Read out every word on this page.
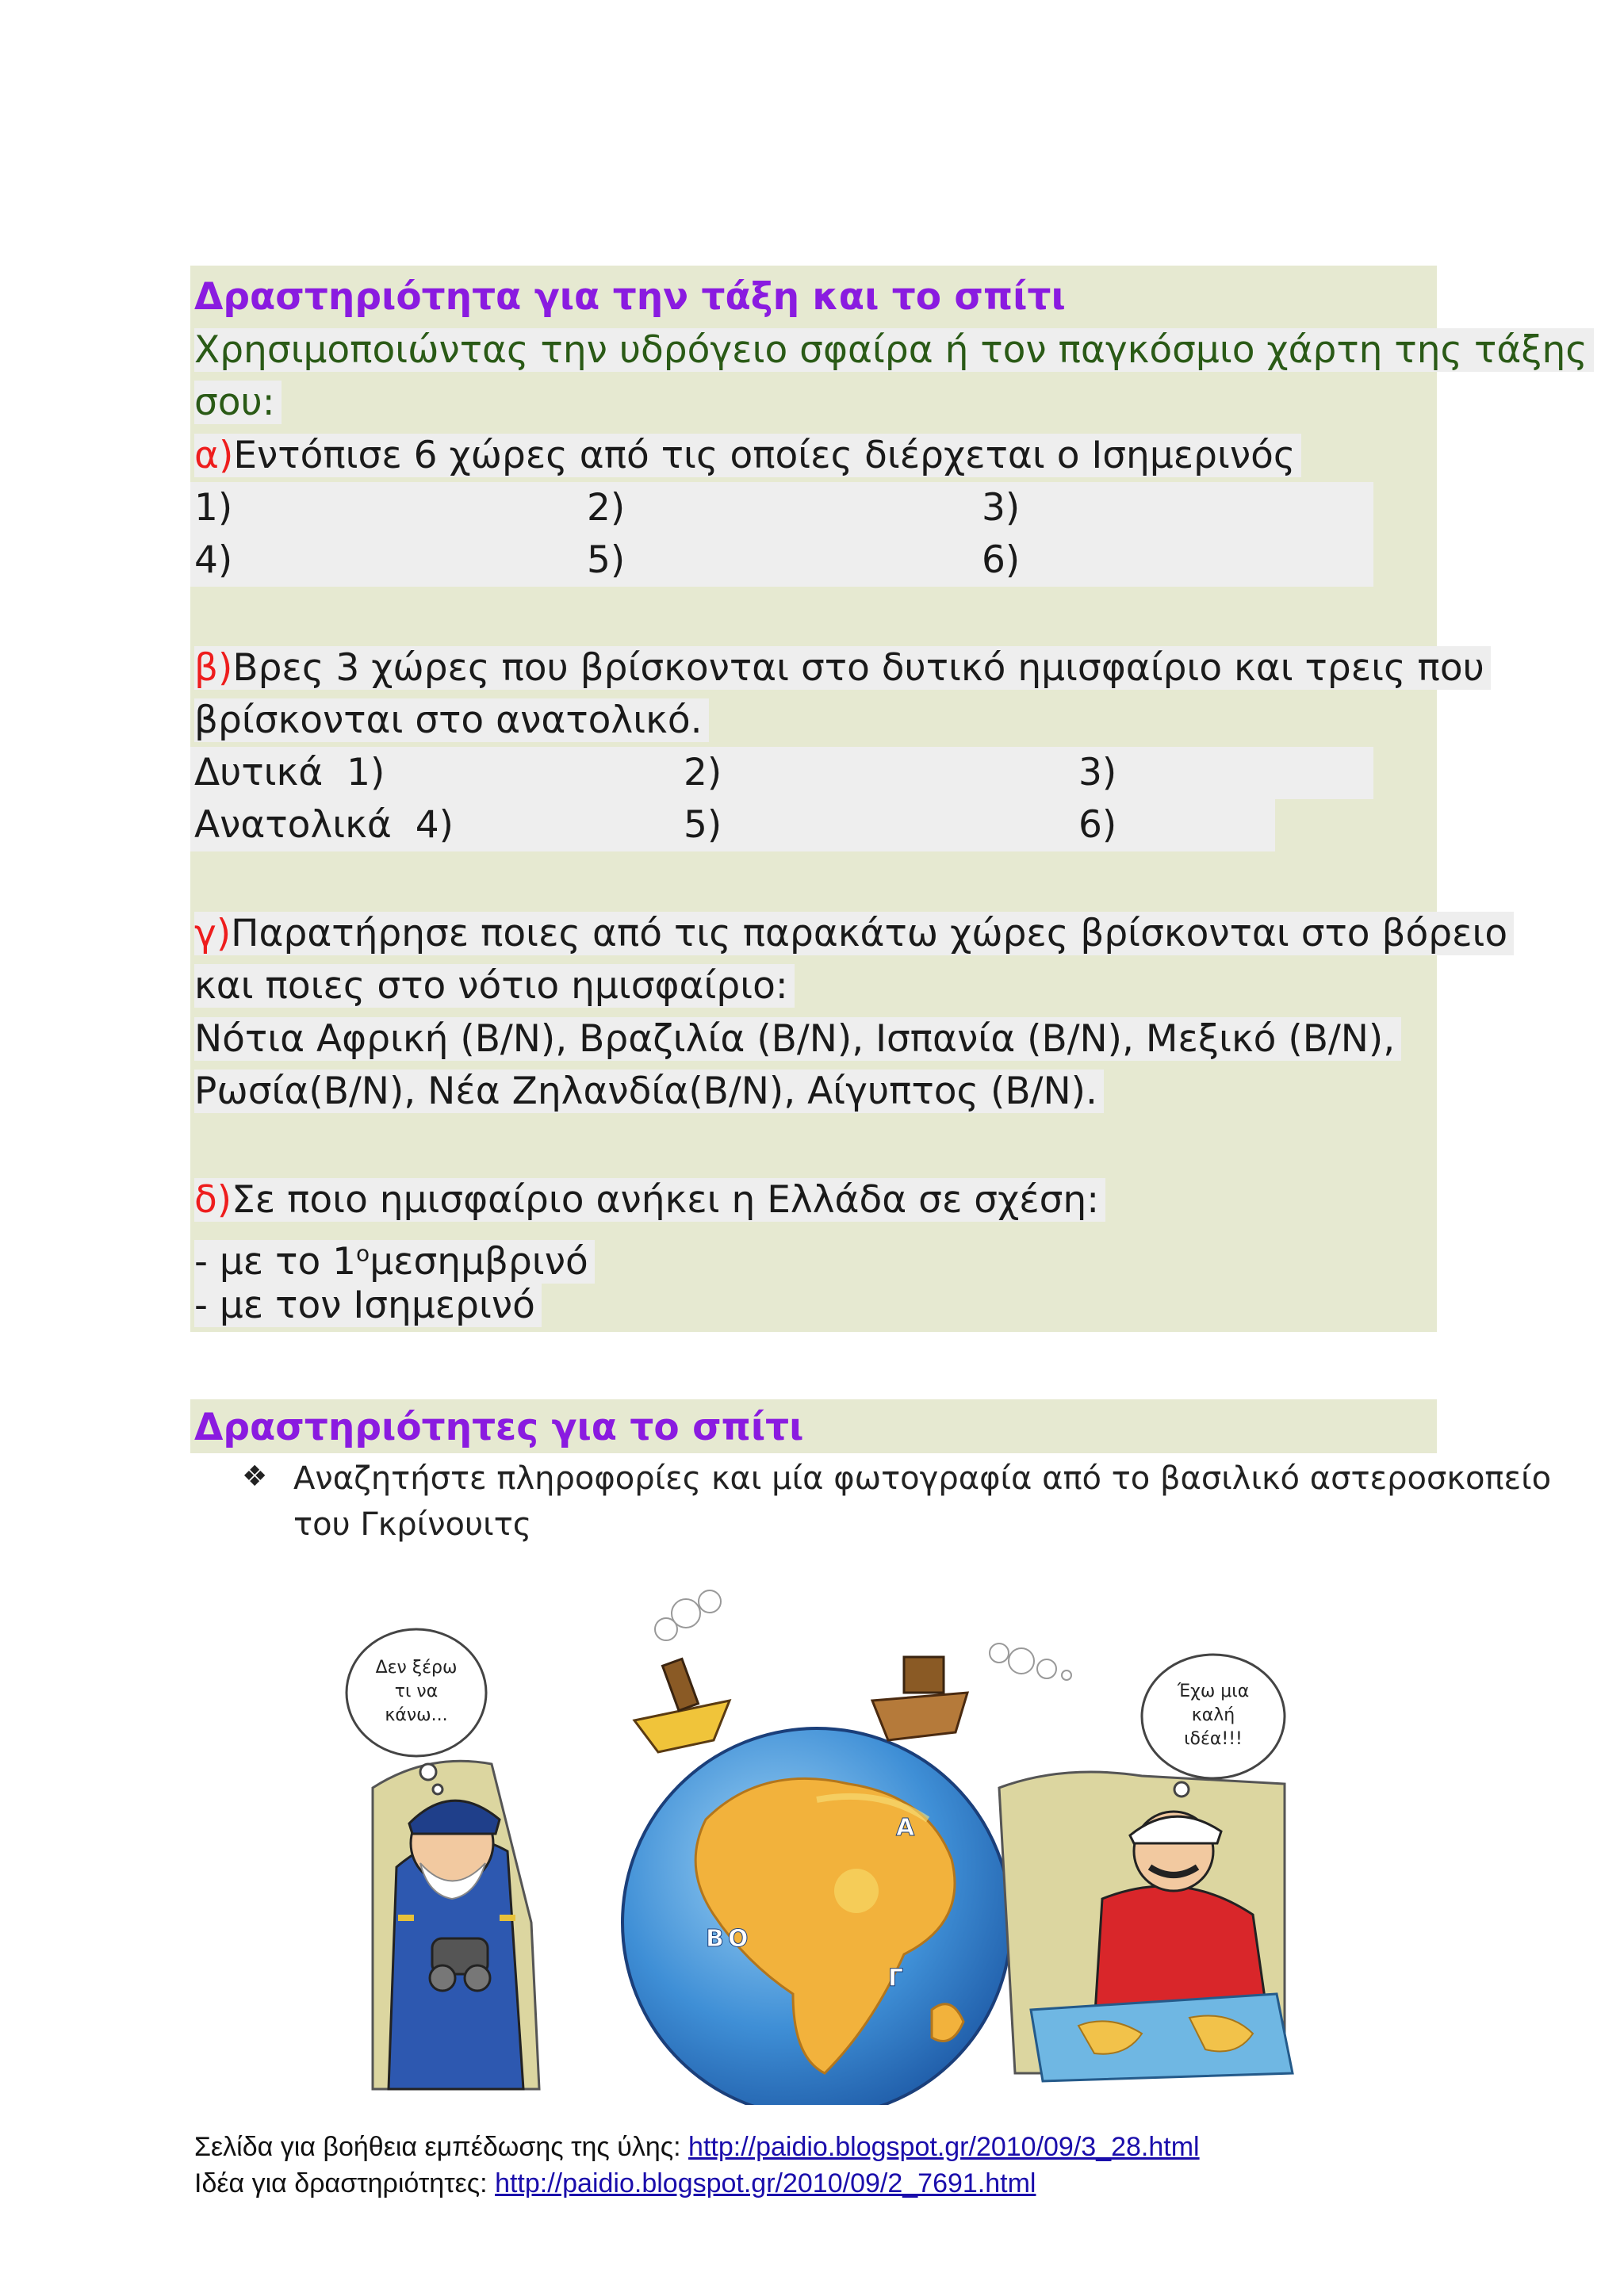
Δραστηριότητα για την τάξη και το σπίτι
Χρησιμοποιώντας την υδρόγειο σφαίρα ή τον παγκόσμιο χάρτη της τάξης
σου:
α)Εντόπισε 6 χώρες από τις οποίες διέρχεται ο Ισημερινός
1)	2)	3)
4)	5)	6)
β)Βρες 3 χώρες που βρίσκονται στο δυτικό ημισφαίριο και τρεις που
βρίσκονται στο ανατολικό.
Δυτικά 1)	2)	3)
Ανατολικά 4)	5)	6)
γ)Παρατήρησε ποιες από τις παρακάτω χώρες βρίσκονται στο βόρειο
και ποιες στο νότιο ημισφαίριο:
Νότια Αφρική (Β/Ν), Βραζιλία (Β/Ν), Ισπανία (Β/Ν), Μεξικό (Β/Ν),
Ρωσία(Β/Ν), Νέα Ζηλανδία(Β/Ν), Αίγυπτος (Β/Ν).
δ)Σε ποιο ημισφαίριο ανήκει η Ελλάδα σε σχέση:
- με το $1^o\mu\varepsilon\sigma\eta\mu\beta\rho\iota\nu ό$
- με τον Ισημερινό
Δραστηριότητες για το σπίτι
❖ Αναζητήστε πληροφορίες και μία φωτογραφία από το βασιλικό αστεροσκοπείο
του Γκρίνουιτς
Δεν ξέρω
τι να
κάνω...
Α
Β Ο
Γ
Έχω μια
καλή
ιδέα!!!
Σελίδα για βοήθεια εμπέδωσης της ύλης: http://paidio.blogspot.gr/2010/09/3_28.html
Ιδέα για δραστηριότητες: http://paidio.blogspot.gr/2010/09/2_7691.html
